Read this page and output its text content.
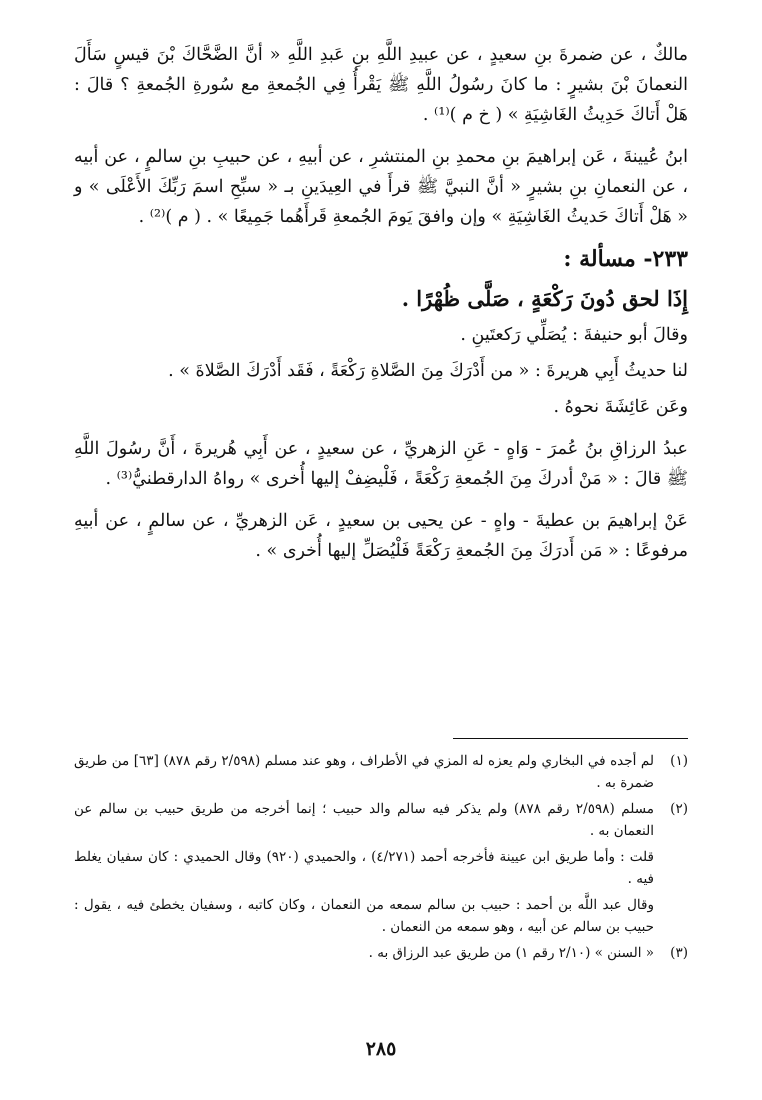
مالكٌ ، عن ضمرةَ بنِ سعيدٍ ، عن عبيدِ اللَّهِ بنِ عَبدِ اللَّهِ « أنَّ الضَّحَّاكَ بْنَ قيسٍ سَأَلَ النعمانَ بْنَ بشيرٍ : ما كانَ رسُولُ اللَّهِ ﷺ يَقْرأُ فِي الجُمعةِ مع سُورةِ الجُمعةِ ؟ قالَ : هَلْ أَتاكَ حَدِيثُ الغَاشِيَةِ » ( خ م )⁽¹⁾ .

ابنُ عُيينةَ ، عَن إبراهيمَ بنِ محمدِ بنِ المنتشرِ ، عن أبيهِ ، عن حبيبِ بنِ سالمٍ ، عن أبيه ، عن النعمانِ بنِ بشيرٍ « أنَّ النبيَّ ﷺ قرأَ في العِيدَينِ بـ « سبِّحِ اسمَ رَبِّكَ الأَعْلَى » و « هَلْ أَتاكَ حَديثُ الغَاشِيَةِ » وإن وافقَ يَومَ الجُمعةِ قَرأَهُما جَمِيعًا » . ( م )⁽²⁾ .

٢٣٣- مسألة :
إِذَا لحق دُونَ رَكْعَةٍ ، صَلَّى ظُهْرًا .

وقالَ أبو حنيفةَ : يُصَلِّي رَكعتَينِ .

لنا حديثُ أَبِي هريرةَ : « من أَدْرَكَ مِنَ الصَّلاةِ رَكْعَةً ، فَقَد أَدْرَكَ الصَّلاةَ » .

وعَن عَائِشَةَ نحوهُ .

عبدُ الرزاقِ بنُ عُمرَ - وَاهٍ - عَنِ الزهريِّ ، عن سعيدٍ ، عن أَبِي هُريرةَ ، أَنَّ رسُولَ اللَّهِ ﷺ قالَ : « مَنْ أدركَ مِنَ الجُمعةِ رَكْعَةً ، فَلْيضِفْ إليها أُخرى » رواهُ الدارقطنيُّ⁽³⁾ .

عَنْ إبراهيمَ بن عطيةَ - واهٍ - عن يحيى بن سعيدٍ ، عَن الزهريِّ ، عن سالمٍ ، عن أبيهِ مرفوعًا : « مَن أَدرَكَ مِنَ الجُمعةِ رَكْعَةً فَلْيُصَلِّ إليها أُخرى » .

(١)
لم أجده في البخاري ولم يعزه له المزي في الأطراف ، وهو عند مسلم (٢/٥٩٨ رقم ٨٧٨) [٦٣] من طريق ضمرة به .
(٢)
مسلم (٢/٥٩٨ رقم ٨٧٨) ولم يذكر فيه سالم والد حبيب ؛ إنما أخرجه من طريق حبيب بن سالم عن النعمان به .

قلت : وأما طريق ابن عيينة فأخرجه أحمد (٤/٢٧١) ، والحميدي (٩٢٠) وقال الحميدي : كان سفيان يغلط فيه .

وقال عبد اللَّه بن أحمد : حبيب بن سالم سمعه من النعمان ، وكان كاتبه ، وسفيان يخطئ فيه ، يقول : حبيب بن سالم عن أبيه ، وهو سمعه من النعمان .

(٣)
« السنن » (٢/١٠ رقم ١) من طريق عبد الرزاق به .
٢٨٥
